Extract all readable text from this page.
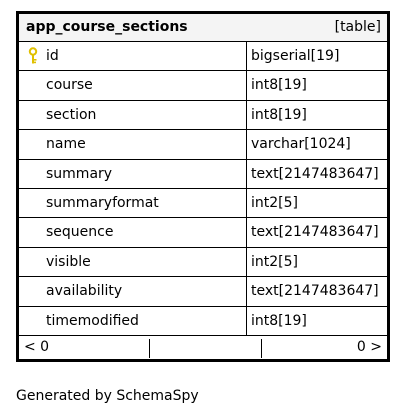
app_course_sections	[table]
id	bigserial[19]
course	int8[19]
section	int8[19]
name	varchar[1024]
summary	text[2147483647]
summaryformat	int2[5]
sequence	text[2147483647]
visible	int2[5]
availability	text[2147483647]
timemodified	int8[19]
< 0	0 >
Generated by SchemaSpy
